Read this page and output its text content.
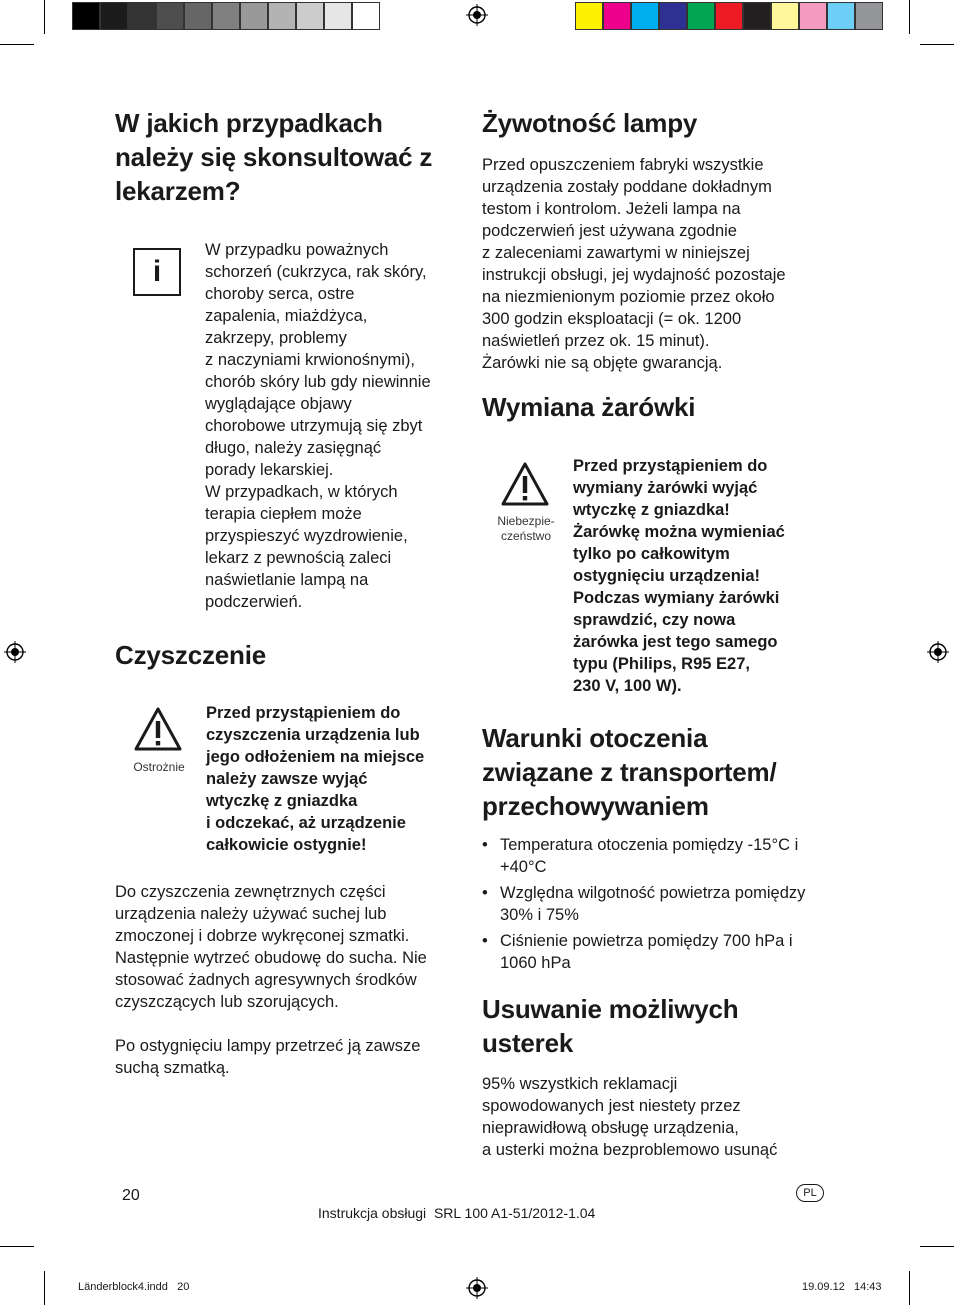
W jakich przypadkach należy się skonsultować z lekarzem?
i
W przypadku poważnych
schorzeń (cukrzyca, rak skóry,
choroby serca, ostre
zapalenia, miażdżyca,
zakrzepy, problemy
z naczyniami krwionośnymi),
chorób skóry lub gdy niewinnie
wyglądające objawy
chorobowe utrzymują się zbyt
długo, należy zasięgnąć
porady lekarskiej.
W przypadkach, w których
terapia ciepłem może
przyspieszyć wyzdrowienie,
lekarz z pewnością zaleci
naświetlanie lampą na
podczerwień.
Czyszczenie
Ostrożnie
Przed przystąpieniem do
czyszczenia urządzenia lub
jego odłożeniem na miejsce
należy zawsze wyjąć
wtyczkę z gniazdka
i odczekać, aż urządzenie
całkowicie ostygnie!
Do czyszczenia zewnętrznych części
urządzenia należy używać suchej lub
zmoczonej i dobrze wykręconej szmatki.
Następnie wytrzeć obudowę do sucha. Nie
stosować żadnych agresywnych środków
czyszczących lub szorujących.
Po ostygnięciu lampy przetrzeć ją zawsze
suchą szmatką.
Żywotność lampy
Przed opuszczeniem fabryki wszystkie
urządzenia zostały poddane dokładnym
testom i kontrolom. Jeżeli lampa na
podczerwień jest używana zgodnie
z zaleceniami zawartymi w niniejszej
instrukcji obsługi, jej wydajność pozostaje
na niezmienionym poziomie przez około
300 godzin eksploatacji (= ok. 1200
naświetleń przez ok. 15 minut).
Żarówki nie są objęte gwarancją.
Wymiana żarówki
Niebezpie-
czeństwo
Przed przystąpieniem do
wymiany żarówki wyjąć
wtyczkę z gniazdka!
Żarówkę można wymieniać
tylko po całkowitym
ostygnięciu urządzenia!
Podczas wymiany żarówki
sprawdzić, czy nowa
żarówka jest tego samego
typu (Philips, R95 E27,
230 V, 100 W).
Warunki otoczenia związane z transportem/ przechowywaniem
• Temperatura otoczenia pomiędzy -15°C i +40°C
• Względna wilgotność powietrza pomiędzy 30% i 75%
• Ciśnienie powietrza pomiędzy 700 hPa i 1060 hPa
Usuwanie możliwych usterek
95% wszystkich reklamacji
spowodowanych jest niestety przez
nieprawidłową obsługę urządzenia,
a usterki można bezproblemowo usunąć
20	PL
Instrukcja obsługi  SRL 100 A1-51/2012-1.04
Länderblock4.indd   20	19.09.12   14:43
